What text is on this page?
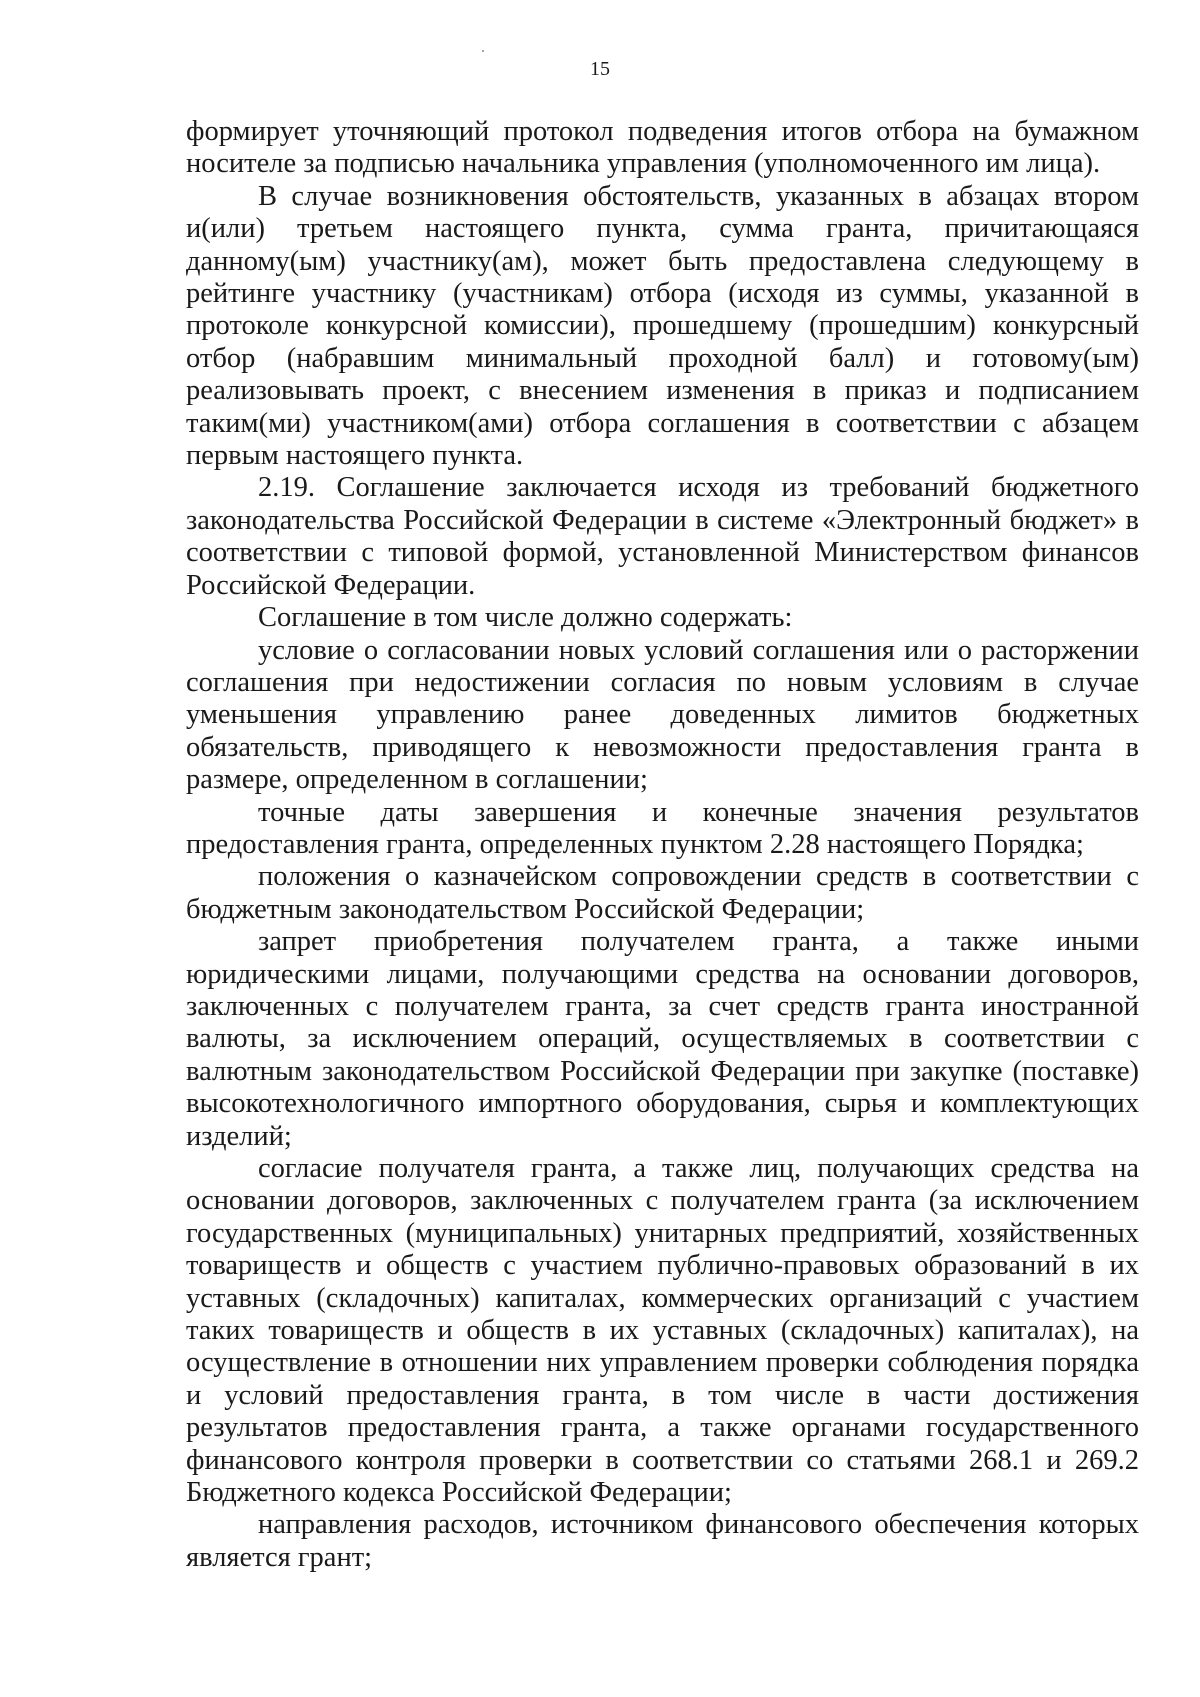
15

формирует уточняющий протокол подведения итогов отбора на бумажном носителе за подписью начальника управления (уполномоченного им лица).

В случае возникновения обстоятельств, указанных в абзацах втором и(или) третьем настоящего пункта, сумма гранта, причитающаяся данному(ым) участнику(ам), может быть предоставлена следующему в рейтинге участнику (участникам) отбора (исходя из суммы, указанной в протоколе конкурсной комиссии), прошедшему (прошедшим) конкурсный отбор (набравшим минимальный проходной балл) и готовому(ым) реализовывать проект, с внесением изменения в приказ и подписанием таким(ми) участником(ами) отбора соглашения в соответствии с абзацем первым настоящего пункта.

2.19. Соглашение заключается исходя из требований бюджетного законодательства Российской Федерации в системе «Электронный бюджет» в соответствии с типовой формой, установленной Министерством финансов Российской Федерации.

Соглашение в том числе должно содержать:

условие о согласовании новых условий соглашения или о расторжении соглашения при недостижении согласия по новым условиям в случае уменьшения управлению ранее доведенных лимитов бюджетных обязательств, приводящего к невозможности предоставления гранта в размере, определенном в соглашении;

точные даты завершения и конечные значения результатов предоставления гранта, определенных пунктом 2.28 настоящего Порядка;

положения о казначейском сопровождении средств в соответствии с бюджетным законодательством Российской Федерации;

запрет приобретения получателем гранта, а также иными юридическими лицами, получающими средства на основании договоров, заключенных с получателем гранта, за счет средств гранта иностранной валюты, за исключением операций, осуществляемых в соответствии с валютным законодательством Российской Федерации при закупке (поставке) высокотехнологичного импортного оборудования, сырья и комплектующих изделий;

согласие получателя гранта, а также лиц, получающих средства на основании договоров, заключенных с получателем гранта (за исключением государственных (муниципальных) унитарных предприятий, хозяйственных товариществ и обществ с участием публично-правовых образований в их уставных (складочных) капиталах, коммерческих организаций с участием таких товариществ и обществ в их уставных (складочных) капиталах), на осуществление в отношении них управлением проверки соблюдения порядка и условий предоставления гранта, в том числе в части достижения результатов предоставления гранта, а также органами государственного финансового контроля проверки в соответствии со статьями 268.1 и 269.2 Бюджетного кодекса Российской Федерации;

направления расходов, источником финансового обеспечения которых является грант;
